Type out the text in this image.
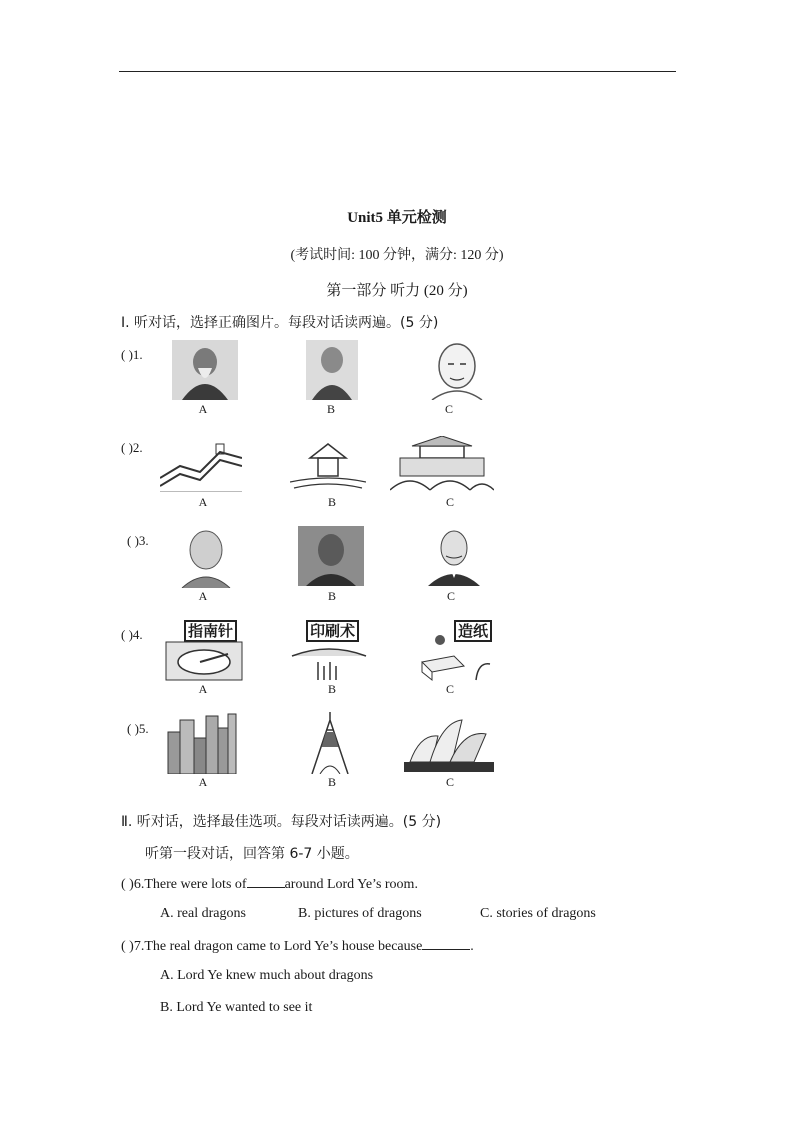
Unit5 单元检测
(考试时间: 100 分钟，满分: 120 分)
第一部分 听力 (20 分)
Ⅰ. 听对话，选择正确图片。每段对话读两遍。(5 分)
( )1.
A	B	C
( )2.
A	B	C
( )3.
A	B	C
( )4.	指南针	印刷术	造纸
A	B	C
( )5.
A	B	C
Ⅱ. 听对话，选择最佳选项。每段对话读两遍。(5 分)
听第一段对话，回答第 6-7 小题。
( )6.There were lots of	around Lord Ye’s room.
A. real dragons	B. pictures of dragons	C. stories of dragons
( )7.The real dragon came to Lord Ye’s house because	.
A. Lord Ye knew much about dragons
B. Lord Ye wanted to see it
